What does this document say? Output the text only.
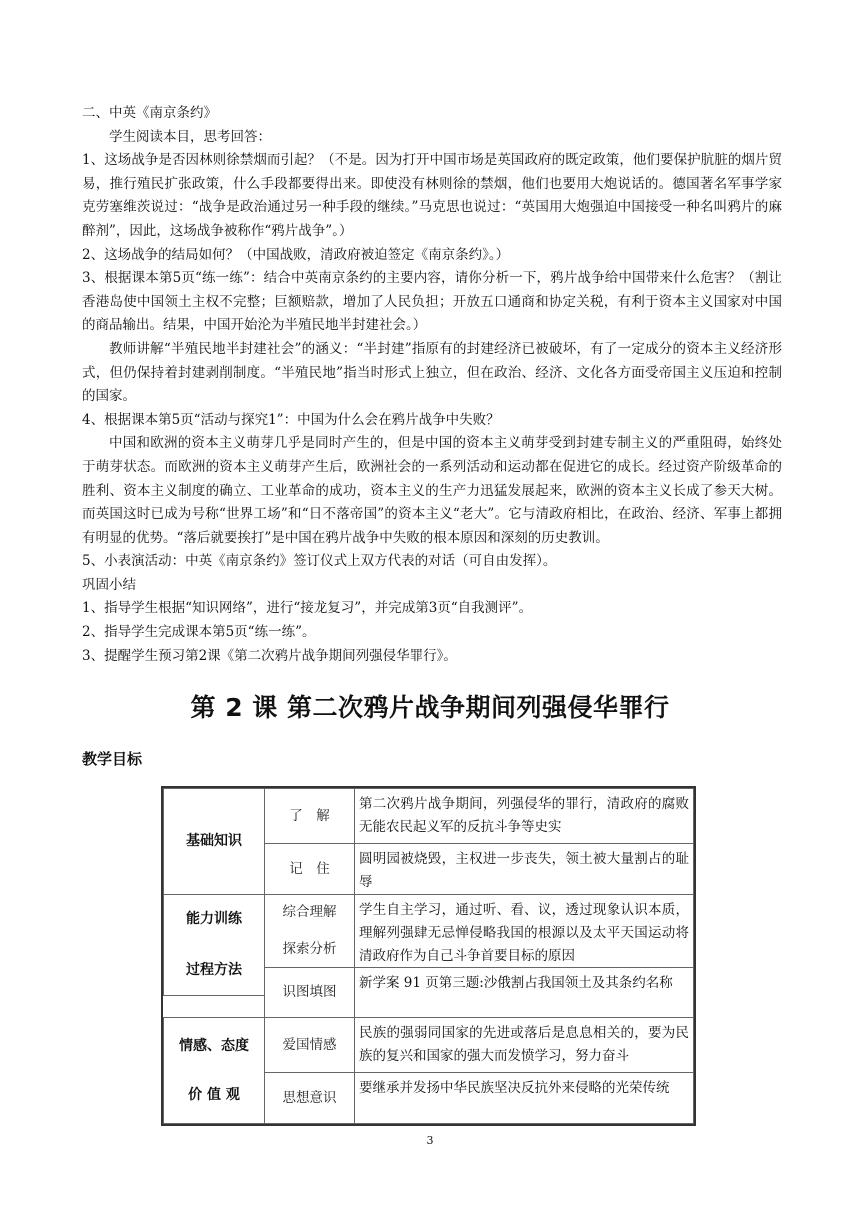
二、中英《南京条约》

学生阅读本目，思考回答：

1、这场战争是否因林则徐禁烟而引起？（不是。因为打开中国市场是英国政府的既定政策，他们要保护肮脏的烟片贸易，推行殖民扩张政策，什么手段都要得出来。即使没有林则徐的禁烟，他们也要用大炮说话的。德国著名军事学家克劳塞维茨说过：“战争是政治通过另一种手段的继续。”马克思也说过：“英国用大炮强迫中国接受一种名叫鸦片的麻醉剂”，因此，这场战争被称作“鸦片战争”。）

2、这场战争的结局如何？（中国战败，清政府被迫签定《南京条约》。）

3、根据课本第5页“练一练”：结合中英南京条约的主要内容，请你分析一下，鸦片战争给中国带来什么危害？（割让香港岛使中国领土主权不完整；巨额赔款，增加了人民负担；开放五口通商和协定关税，有利于资本主义国家对中国的商品输出。结果，中国开始沦为半殖民地半封建社会。）

教师讲解“半殖民地半封建社会”的涵义：“半封建”指原有的封建经济已被破坏，有了一定成分的资本主义经济形式，但仍保持着封建剥削制度。“半殖民地”指当时形式上独立，但在政治、经济、文化各方面受帝国主义压迫和控制的国家。

4、根据课本第5页“活动与探究1”：中国为什么会在鸦片战争中失败？

中国和欧洲的资本主义萌芽几乎是同时产生的，但是中国的资本主义萌芽受到封建专制主义的严重阻碍，始终处于萌芽状态。而欧洲的资本主义萌芽产生后，欧洲社会的一系列活动和运动都在促进它的成长。经过资产阶级革命的胜利、资本主义制度的确立、工业革命的成功，资本主义的生产力迅猛发展起来，欧洲的资本主义长成了参天大树。而英国这时已成为号称“世界工场”和“日不落帝国”的资本主义“老大”。它与清政府相比，在政治、经济、军事上都拥有明显的优势。“落后就要挨打”是中国在鸦片战争中失败的根本原因和深刻的历史教训。

5、小表演活动：中英《南京条约》签订仪式上双方代表的对话（可自由发挥）。

巩固小结

1、指导学生根据“知识网络”，进行“接龙复习”，并完成第3页“自我测评”。

2、指导学生完成课本第5页“练一练”。

3、提醒学生预习第2课《第二次鸦片战争期间列强侵华罪行》。

第 2 课 第二次鸦片战争期间列强侵华罪行
教学目标
基础知识
了　解
第二次鸦片战争期间，列强侵华的罪行，清政府的腐败无能农民起义军的反抗斗争等史实
记　住
圆明园被烧毁，主权进一步丧失，领土被大量割占的耻辱
能力训练
过程方法
综合理解
探索分析
学生自主学习，通过听、看、议，透过现象认识本质，理解列强肆无忌惮侵略我国的根源以及太平天国运动将清政府作为自己斗争首要目标的原因
识图填图
新学案 91 页第三题:沙俄割占我国领土及其条约名称
情感、态度
价 值 观
爱国情感
民族的强弱同国家的先进或落后是息息相关的，要为民族的复兴和国家的强大而发愤学习，努力奋斗
思想意识
要继承并发扬中华民族坚决反抗外来侵略的光荣传统
3
